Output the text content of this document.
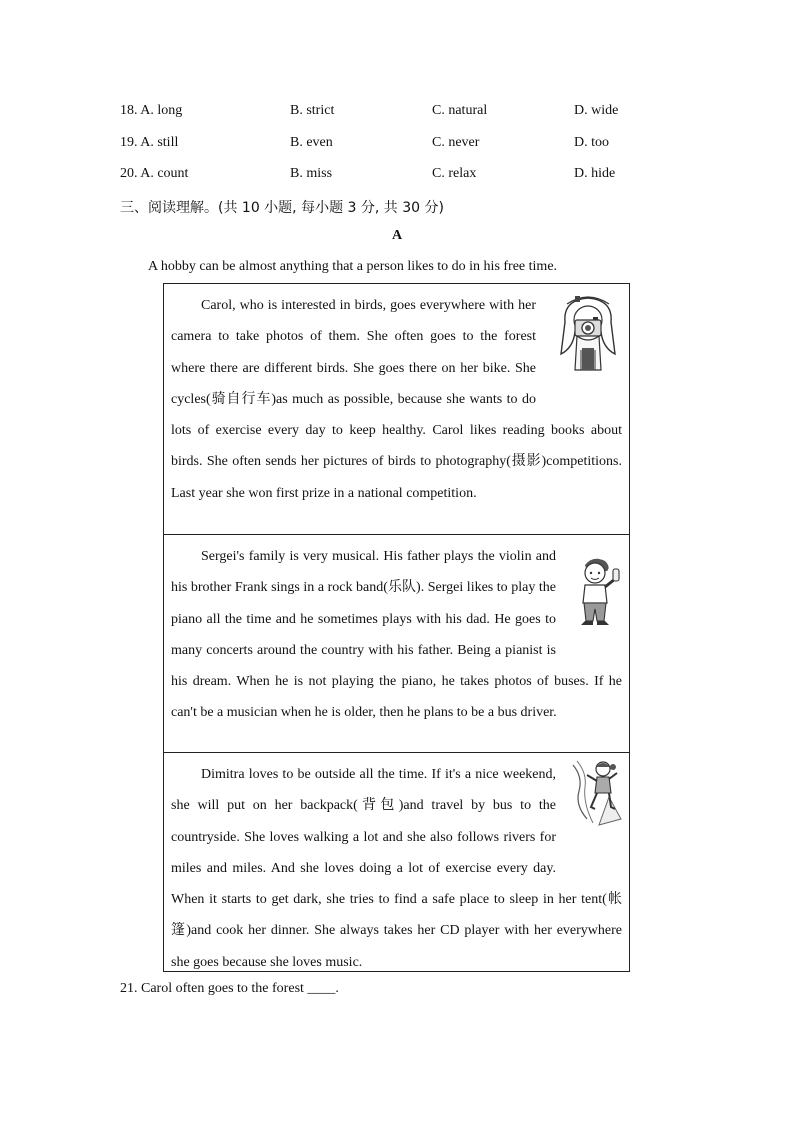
18. A. long	B. strict	C. natural	D. wide
19. A. still	B. even	C. never	D. too
20. A. count	B. miss	C. relax	D. hide
三、阅读理解。(共 10 小题, 每小题 3 分, 共 30 分)
A
A hobby can be almost anything that a person likes to do in his free time.
Carol, who is interested in birds, goes everywhere with her camera to take photos of them. She often goes to the forest where there are different birds. She goes there on her bike. She cycles(骑自行车)as much as possible, because she wants to do lots of exercise every day to keep healthy. Carol likes reading books about birds. She often sends her pictures of birds to photography(摄影)competitions. Last year she won first prize in a national competition.
Sergei's family is very musical. His father plays the violin and his brother Frank sings in a rock band(乐队). Sergei likes to play the piano all the time and he sometimes plays with his dad. He goes to many concerts around the country with his father. Being a pianist is his dream. When he is not playing the piano, he takes photos of buses. If he can't be a musician when he is older, then he plans to be a bus driver.
Dimitra loves to be outside all the time. If it's a nice weekend, she will put on her backpack(背包)and travel by bus to the countryside. She loves walking a lot and she also follows rivers for miles and miles. And she loves doing a lot of exercise every day. When it starts to get dark, she tries to find a safe place to sleep in her tent(帐篷)and cook her dinner. She always takes her CD player with her everywhere she goes because she loves music.
21. Carol often goes to the forest ____.
